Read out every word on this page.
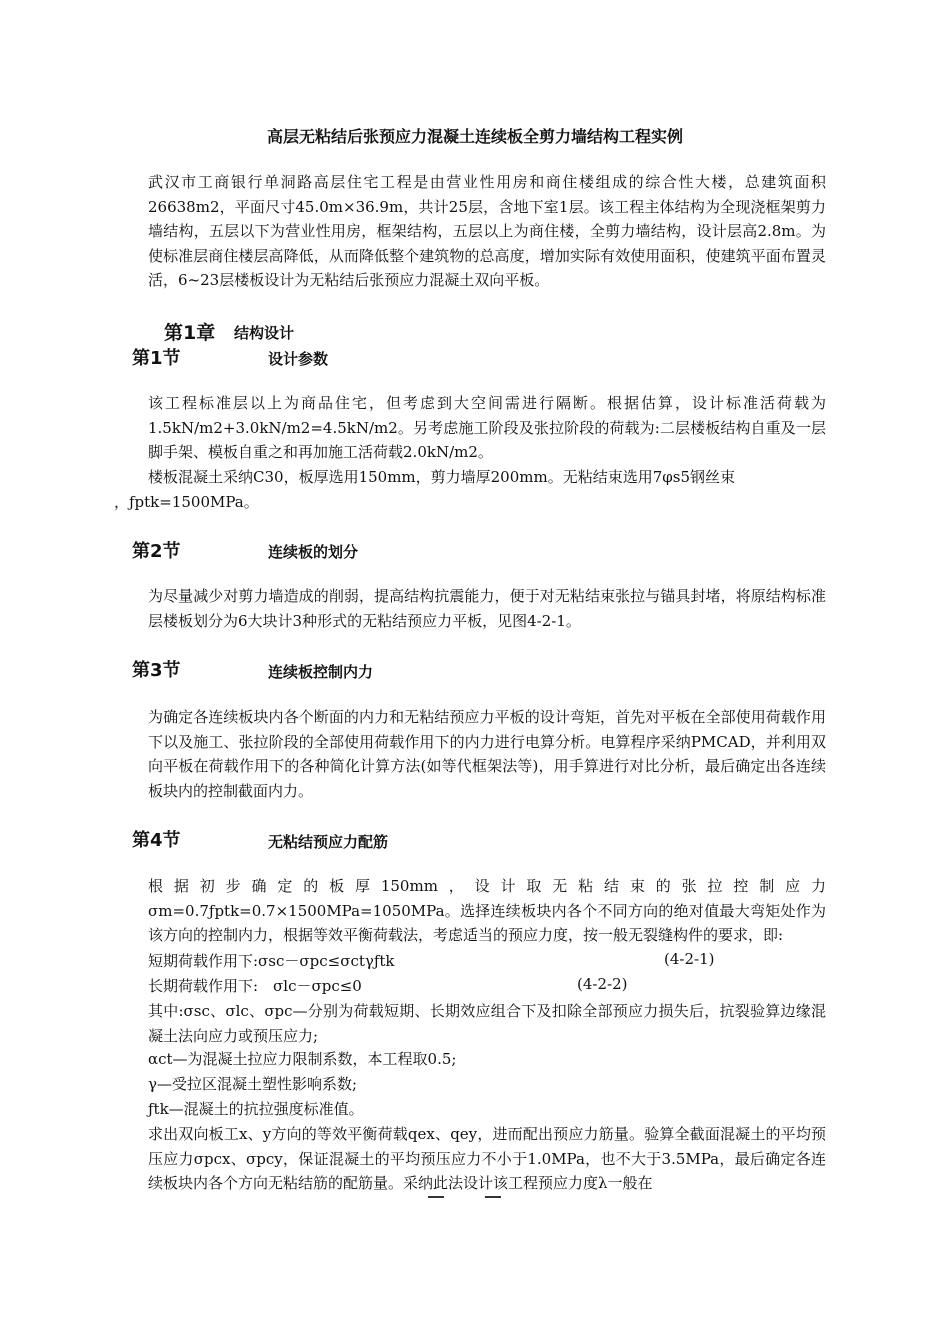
高层无粘结后张预应力混凝土连续板全剪力墙结构工程实例
武汉市工商银行单洞路高层住宅工程是由营业性用房和商住楼组成的综合性大楼，总建筑面积26638m2，平面尺寸45.0m×36.9m，共计25层，含地下室1层。该工程主体结构为全现浇框架剪力墙结构，五层以下为营业性用房，框架结构，五层以上为商住楼，全剪力墙结构，设计层高2.8m。为使标准层商住楼层高降低，从而降低整个建筑物的总高度，增加实际有效使用面积，使建筑平面布置灵活，6~23层楼板设计为无粘结后张预应力混凝土双向平板。
第1章 结构设计
第1节	设计参数
该工程标准层以上为商品住宅，但考虑到大空间需进行隔断。根据估算，设计标准活荷载为1.5kN/m2+3.0kN/m2=4.5kN/m2。另考虑施工阶段及张拉阶段的荷载为:二层楼板结构自重及一层脚手架、模板自重之和再加施工活荷载2.0kN/m2。
楼板混凝土采纳C30，板厚选用150mm，剪力墙厚200mm。无粘结束选用7φs5钢丝束
，ƒptk=1500MPa。
第2节	连续板的划分
为尽量减少对剪力墙造成的削弱，提高结构抗震能力，便于对无粘结束张拉与锚具封堵，将原结构标准层楼板划分为6大块计3种形式的无粘结预应力平板，见图4-2-1。
第3节	连续板控制内力
为确定各连续板块内各个断面的内力和无粘结预应力平板的设计弯矩，首先对平板在全部使用荷载作用下以及施工、张拉阶段的全部使用荷载作用下的内力进行电算分析。电算程序采纳PMCAD，并利用双向平板在荷载作用下的各种简化计算方法(如等代框架法等)，用手算进行对比分析，最后确定出各连续板块内的控制截面内力。
第4节	无粘结预应力配筋
根据初步确定的板厚150mm，设计取无粘结束的张拉控制应力σm=0.7ƒptk=0.7×1500MPa=1050MPa。选择连续板块内各个不同方向的绝对值最大弯矩处作为该方向的控制内力，根据等效平衡荷载法，考虑适当的预应力度，按一般无裂缝构件的要求，即:
短期荷载作用下:σsc－σpc≤σctγƒtk	(4-2-1)
长期荷载作用下:　σlc－σpc≤0	(4-2-2)
其中:σsc、σlc、σpc—分别为荷载短期、长期效应组合下及扣除全部预应力损失后，抗裂验算边缘混凝土法向应力或预压应力;
αct—为混凝土拉应力限制系数，本工程取0.5;
γ—受拉区混凝土塑性影响系数;
ƒtk—混凝土的抗拉强度标准值。
求出双向板工x、y方向的等效平衡荷载qex、qey，进而配出预应力筋量。验算全截面混凝土的平均预压应力σpcx、σpcy，保证混凝土的平均预压应力不小于1.0MPa，也不大于3.5MPa，最后确定各连续板块内各个方向无粘结筋的配筋量。采纳此法设计该工程预应力度λ一般在
